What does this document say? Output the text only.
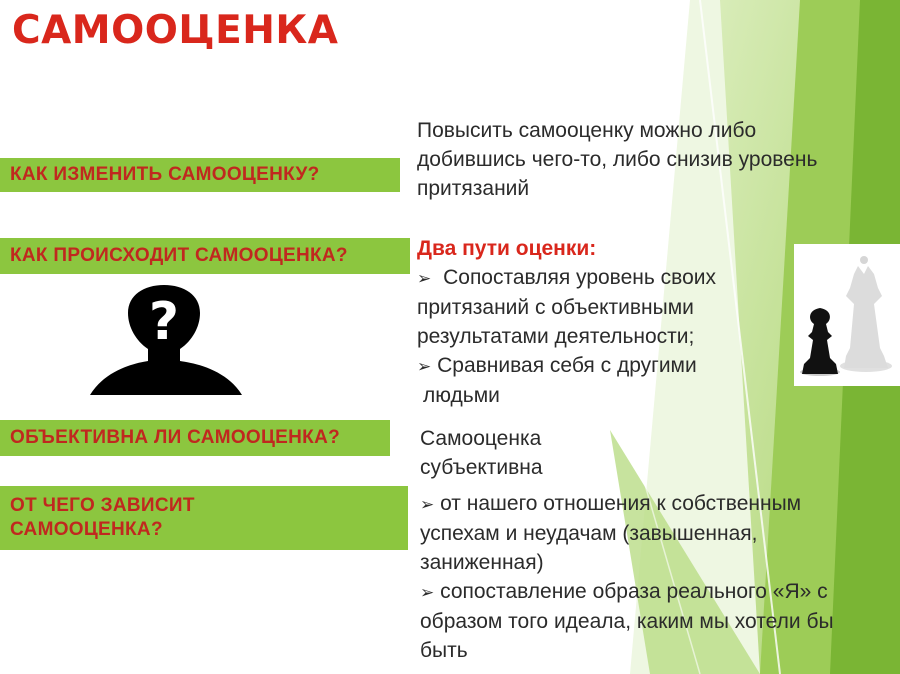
САМООЦЕНКА
КАК ИЗМЕНИТЬ САМООЦЕНКУ?
КАК ПРОИСХОДИТ САМООЦЕНКА?
ОБЪЕКТИВНА ЛИ САМООЦЕНКА?
ОТ ЧЕГО ЗАВИСИТ
САМООЦЕНКА?
?
Повысить самооценку можно либо
добившись чего-то, либо снизив уровень
притязаний
Два пути оценки:
➢ Сопоставляя уровень своих
притязаний с объективными
результатами деятельности;
➢ Сравнивая себя с другими
людьми
Самооценка
субъективна
➢ от нашего отношения к собственным
успехам и неудачам (завышенная,
заниженная)
➢ сопоставление образа реального «Я» с
образом того идеала, каким мы хотели бы
быть
